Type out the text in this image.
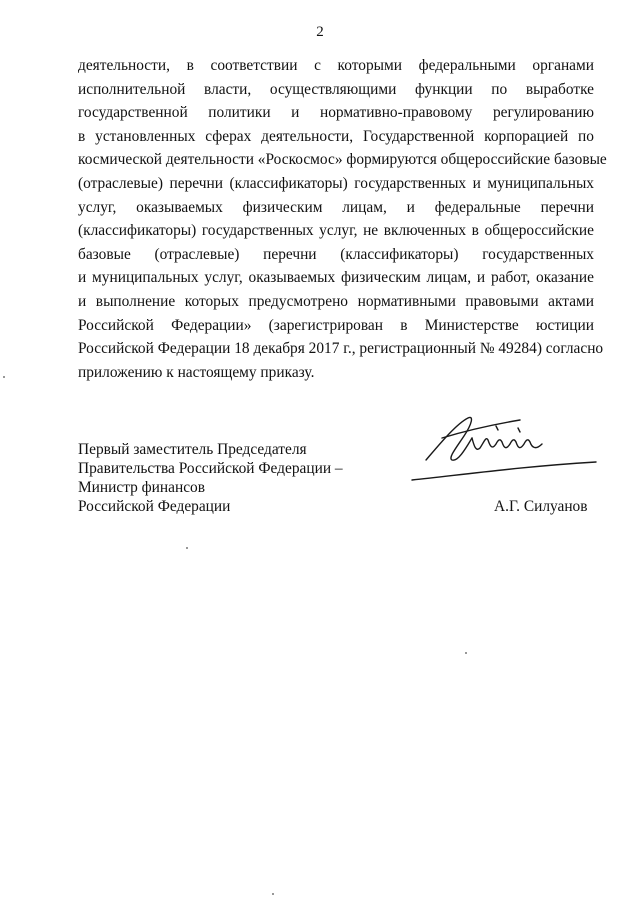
2
деятельности, в соответствии с которыми федеральными органами
исполнительной власти, осуществляющими функции по выработке
государственной политики и нормативно-правовому регулированию
в установленных сферах деятельности, Государственной корпорацией по
космической деятельности «Роскосмос» формируются общероссийские базовые
(отраслевые) перечни (классификаторы) государственных и муниципальных
услуг, оказываемых физическим лицам, и федеральные перечни
(классификаторы) государственных услуг, не включенных в общероссийские
базовые (отраслевые) перечни (классификаторы) государственных
и муниципальных услуг, оказываемых физическим лицам, и работ, оказание
и выполнение которых предусмотрено нормативными правовыми актами
Российской Федерации» (зарегистрирован в Министерстве юстиции
Российской Федерации 18 декабря 2017 г., регистрационный № 49284) согласно
приложению к настоящему приказу.
Первый заместитель Председателя
Правительства Российской Федерации –
Министр финансов
Российской Федерации	А.Г. Силуанов
